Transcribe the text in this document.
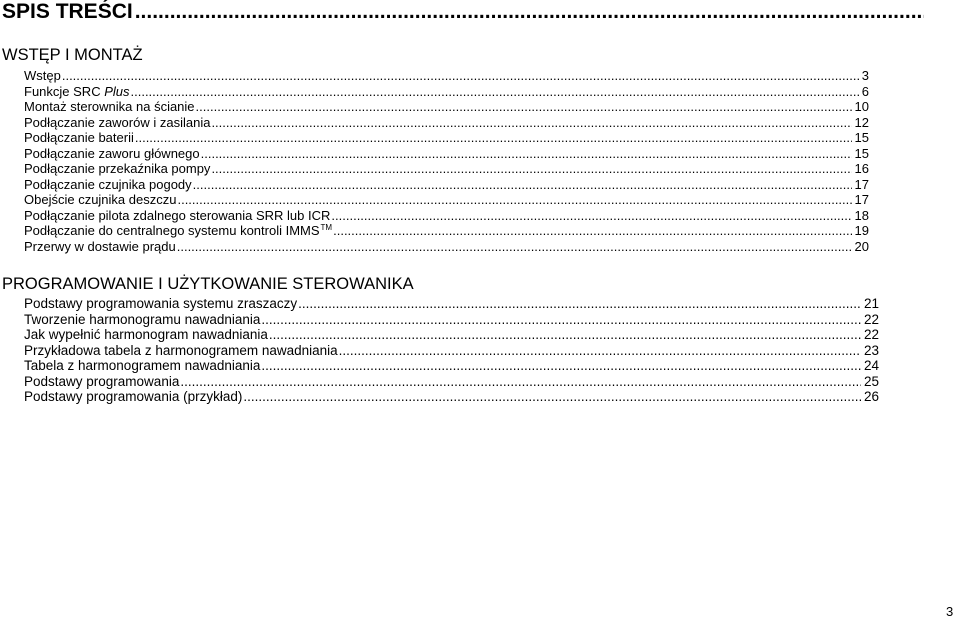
SPIS TREŚCI
.....
WSTĘP I MONTAŻ
Wstęp .....	3
Funkcje SRC Plus .....	6
Montaż sterownika na ścianie .....	10
Podłączanie zaworów i zasilania .....	12
Podłączanie baterii .....	15
Podłączanie zaworu głównego .....	15
Podłączanie przekaźnika pompy .....	16
Podłączanie czujnika pogody .....	17
Obejście czujnika deszczu .....	17
Podłączanie pilota zdalnego sterowania SRR lub ICR .....	18
Podłączanie do centralnego systemu kontroli IMMS™ .....	19
Przerwy w dostawie prądu .....	20
PROGRAMOWANIE I UŻYTKOWANIE STEROWANIKA
Podstawy programowania systemu zraszaczy .....	21
Tworzenie harmonogramu nawadniania .....	22
Jak wypełnić harmonogram nawadniania .....	22
Przykładowa tabela z harmonogramem nawadniania .....	23
Tabela z harmonogramem nawadniania .....	24
Podstawy programowania .....	25
Podstawy programowania (przykład) .....	26
3
